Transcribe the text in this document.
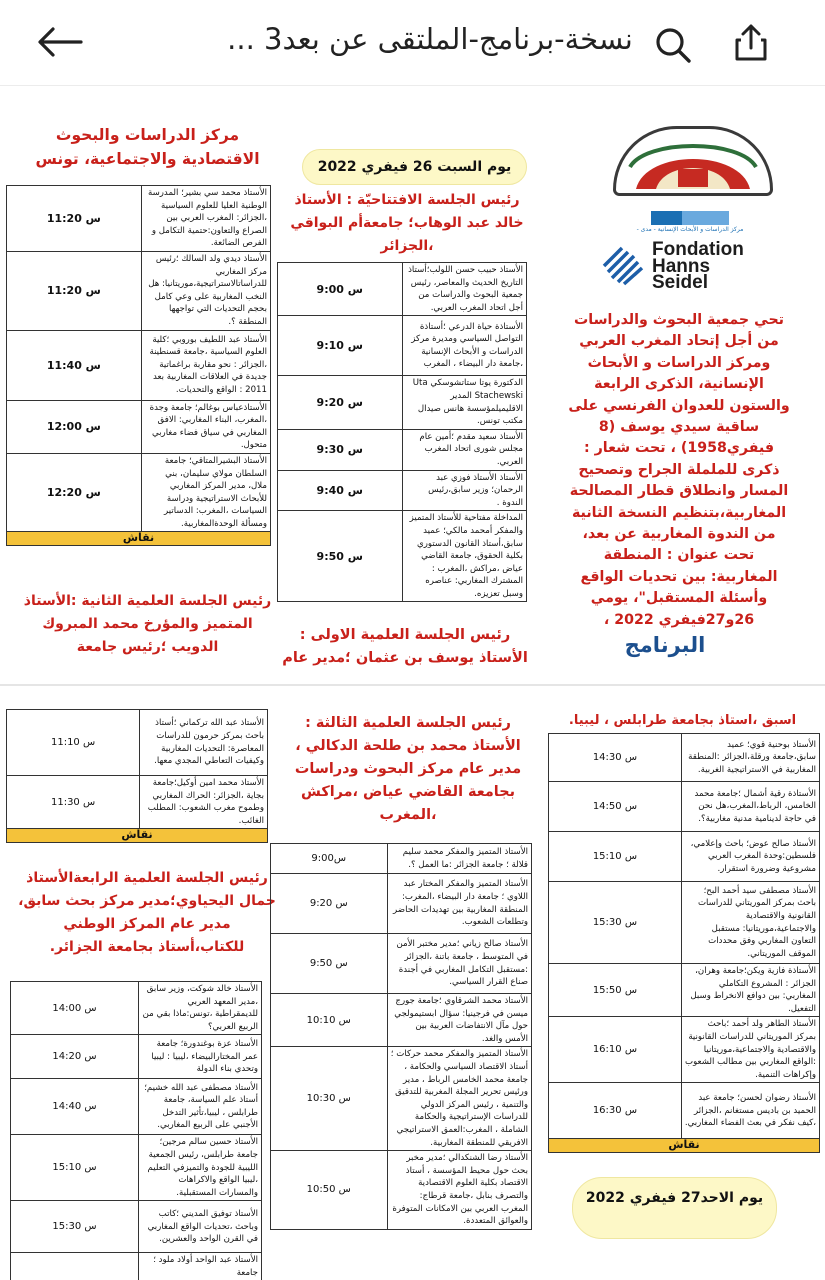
نسخة-برنامج-الملتقى عن بعد3 ...
مركز الدراسات والبحوث الاقتصادية والاجتماعية، تونس	يوم السبت 26 فيفري 2022
مركز الدراسات و الأبحاث الإنسانية - مدى -
Fondation
Hanns
Seidel
تحي جمعية البحوث والدراسات من أجل إتحاد المغرب العربي ومركز الدراسات و الأبحاث الإنسانية، الذكرى الرابعة والستون للعدوان الفرنسي على ساقية سيدي يوسف (8 فيفري1958) ، تحت شعار : ذكرى للململة الجراح وتصحيح المسار وانطلاق قطار المصالحة المغاربية،بتنظيم النسخة الثانية من الندوة المغاربية عن بعد، تحت عنوان : المنطقة المغاربية: بين تحديات الواقع وأسئلة المستقبل"، يومي 26و27فيفري 2022 ،
البرنامج
رئيس الجلسة الافتتاحيّة : الأستاذ خالد عبد الوهاب؛ جامعةأم البواقي ،الجزائر
الأستاذ حبيب حسن اللولب؛أستاذ التاريخ الحديث والمعاصر، رئيس جمعية البحوث والدراسات من أجل اتحاد المغرب العربي.	س 9:00
الأستاذة حياة الدرعي ؛أستاذة التواصل السياسي ومديرة مركز الدراسات و الأبحاث الإنسانية ،جامعة دار البيضاء ، المغرب	س 9:10
الدكتورة يوتا ستاتشوسكي Uta Stachewski المدير الاقليميلمؤسسة هانس صيدال مكتب تونس.	س 9:20
الأستاذ سعيد مقدم ؛أمين عام مجلس شورى اتحاد المغرب العربي.	س 9:30
الأستاذ الأستاذ فوزي عبد الرحمان؛ وزير سابق،رئيس الندوة .	س 9:40
المداخلة مفتاحية للأستاذ المتميز والمفكر أمحمد مالكي؛ عميد سابق،أستاذ القانون الدستوري بكلية الحقوق، جامعة القاضي عياض ،مراكش ،المغرب : المشترك المغاربي: عناصره وسبل تعزيزه.	س 9:50
الأستاذ محمد سي بشير؛ المدرسة الوطنية العليا للعلوم السياسية ،الجزائر: المغرب العربي بين الصراع والتعاون:حتمية التكامل و الفرص الضائعة.	س 11:20
الأستاذ ديدي ولد السالك ؛رئيس مركز المغاربي للدراساتالاستراتيجية،موريتانيا: هل النخب المغاربية على وعي كامل بحجم التحديات التي تواجهها المنطقة ؟.	س 11:20
الأستاذ عبد اللطيف بوروبي ؛كلية العلوم السياسية ،جامعة قسنطينة ،الجزائر : نحو مقاربة براغماتية جديدة في العلاقات المغاربية بعد 2011 : الواقع والتحديات.	س 11:40
الأستاذعباس بوغالم؛ جامعة وجدة ،المغرب، البناء المغاربي: الافق المغاربي في سياق فضاء مغاربي متحول.	س 12:00
الأستاذ البشيرالمتاقي؛ جامعة السلطان مولاي سليمان، بني ملال، مدير المركز المغاربي للأبحاث الاستراتيجية ودراسة السياسات ،المغرب: الدساتير ومسألة الوحدةالمغاربية.	س 12:20
نقاش	
رئيس الجلسة العلمية الثانية :الأستاذ المتميز والمؤرخ محمد المبروك الدويب ؛رئيس جامعة
رئيس الجلسة العلمية الاولى : الأستاذ يوسف بن عثمان ؛مدير عام
الأستاذ عبد الله تركماني ؛أستاذ باحث بمركز حرمون للدراسات المعاصرة: التحديات المغاربية وكيفيات التعاطي المجدي معها.	س 11:10
الأستاذ محمد امين أوكيل؛جامعة بجاية ،الجزائر: الحراك المغاربي وطموح مغرب الشعوب: المطلب الغائب.	س 11:30
نقاش	
رئيس الجلسة العلمية الثالثة : الأستاذ محمد بن طلحة الدكالي ، مدير عام مركز البحوث ودراسات بجامعة القاضي عياض ،مراكش ،المغرب
اسبق ،استاذ بجامعة طرابلس ، ليبيا.
الأستاذ بوحنية قوي؛ عميد سابق،جامعة ورقلة،الجزائر :المنطقة المغاربية في الاستراتيجية الغربية.	س 14:30
الأستاذة رقية أشمال ؛جامعة محمد الخامس، الرباط،المغرب،هل نحن في حاجة لدينامية مدنية مغاربية؟.	س 14:50
الأستاذ صالح عوض؛ باحث وإعلامي، فلسطين:وحدة المغرب العربي مشروعية وضرورة استقرار.	س 15:10
الأستاذ مصطفى سيد أحمد البح؛باحث بمركز الموريتاني للدراسات القانونية والاقتصادية والاجتماعية،موريتانيا: مستقبل التعاون المغاربي وفق محددات الموقف الموريتاني.	س 15:30
الأستاذة فازية ويكن؛جامعة وهران، الجزائر : المشروع التكاملي المغاربي: بين دوافع الانخراط وسبل التفعيل.	س 15:50
الأستاذ الطاهر ولد أحمد ؛باحث بمركز الموريتاني للدراسات القانونية والاقتصادية والاجتماعية،موريتانيا :الواقع المغاربي بين مطالب الشعوب وإكراهات التنمية.	س 16:10
الأستاذ رضوان لحسن؛ جامعة عبد الحميد بن باديس مستغانم ،الجزائر ،كيف نفكر في بعث الفضاء المغاربي.	س 16:30
نقاش	
رئيس الجلسة العلمية الرابعةالأستاذ جمال اليحياوي؛مدير مركز بحث سابق، مدير عام المركز الوطني للكتاب،أستاذ بجامعة الجزائر.
الأستاذ المتميز والمفكر محمد سليم قلالة ؛ جامعة الجزائر :ما العمل ؟.	س9:00
الأستاذ المتميز والمفكر المختار عبد اللاوي ؛ جامعة دار البيضاء ،المغرب: المنطقة المغاربية بين تهديدات الحاضر وتطلعات الشعوب.	س 9:20
الأستاذ صالح زياني ؛مدير مختبر الأمن في المتوسط ، جامعة باتنة ،الجزائر :مستقبل التكامل المغاربي في أجندة صناع القرار السياسي.	س 9:50
الأستاذ محمد الشرقاوي ؛جامعة جورج ميسن في فرجينيا: سؤال ابستيمولجي حول مآل الانتفاضات العربية بين الأمس والغد.	س 10:10
الأستاذ المتميز والمفكر محمد حركات ؛أستاذ الاقتصاد السياسي والحكامة ، جامعة محمد الخامس الرباط ، مدير ورئيس تحرير المجلة المغربية للتدقيق والتنمية ، رئيس المركز الدولي للدراسات الإستراتيجية والحكامة الشاملة ، المغرب:العمق الاستراتيجي الافريقي للمنطقة المغاربية.	س 10:30
الأستاذ رضا الشنكدالي ؛مدير مخبر بحث حول محيط المؤسسة ، أستاذ الاقتصاد بكلية العلوم الاقتصادية والتصرف بنابل ،جامعة قرطاج: المغرب العربي بين الامكانات المتوفرة والعوائق المتعددة.	س 10:50
الأستاذ خالد شوكت، وزير سابق ،مدير المعهد العربي للديمقراطية ،تونس:ماذا بقي من الربيع العربي؟	س 14:00
الأستاذ عزة بوغندورة؛ جامعة عمر المختارالبيضاء ،ليبيا : ليبيا وتحدي بناء الدولة	س 14:20
الأستاذ مصطفى عبد الله خشيم؛أستاذ علم السياسة، جامعة طرابلس ، ليبيا،تأثير التدخل الأجنبي على الربيع المغاربي.	س 14:40
الأستاذ حسين سالم مرجين؛ جامعة طرابلس، رئيس الجمعية الليبية للجودة والتميزفي التعليم ،ليبيا الواقع والاكراهات والمسارات المستقبلية.	س 15:10
الأستاذ توفيق المديني ؛كاتب وباحث ،تحديات الواقع المغاربي في القرن الواحد والعشرين.	س 15:30
الأستاذ عبد الواحد أولاد ملود ؛جامعة	
يوم الاحد27 فيفري 2022
